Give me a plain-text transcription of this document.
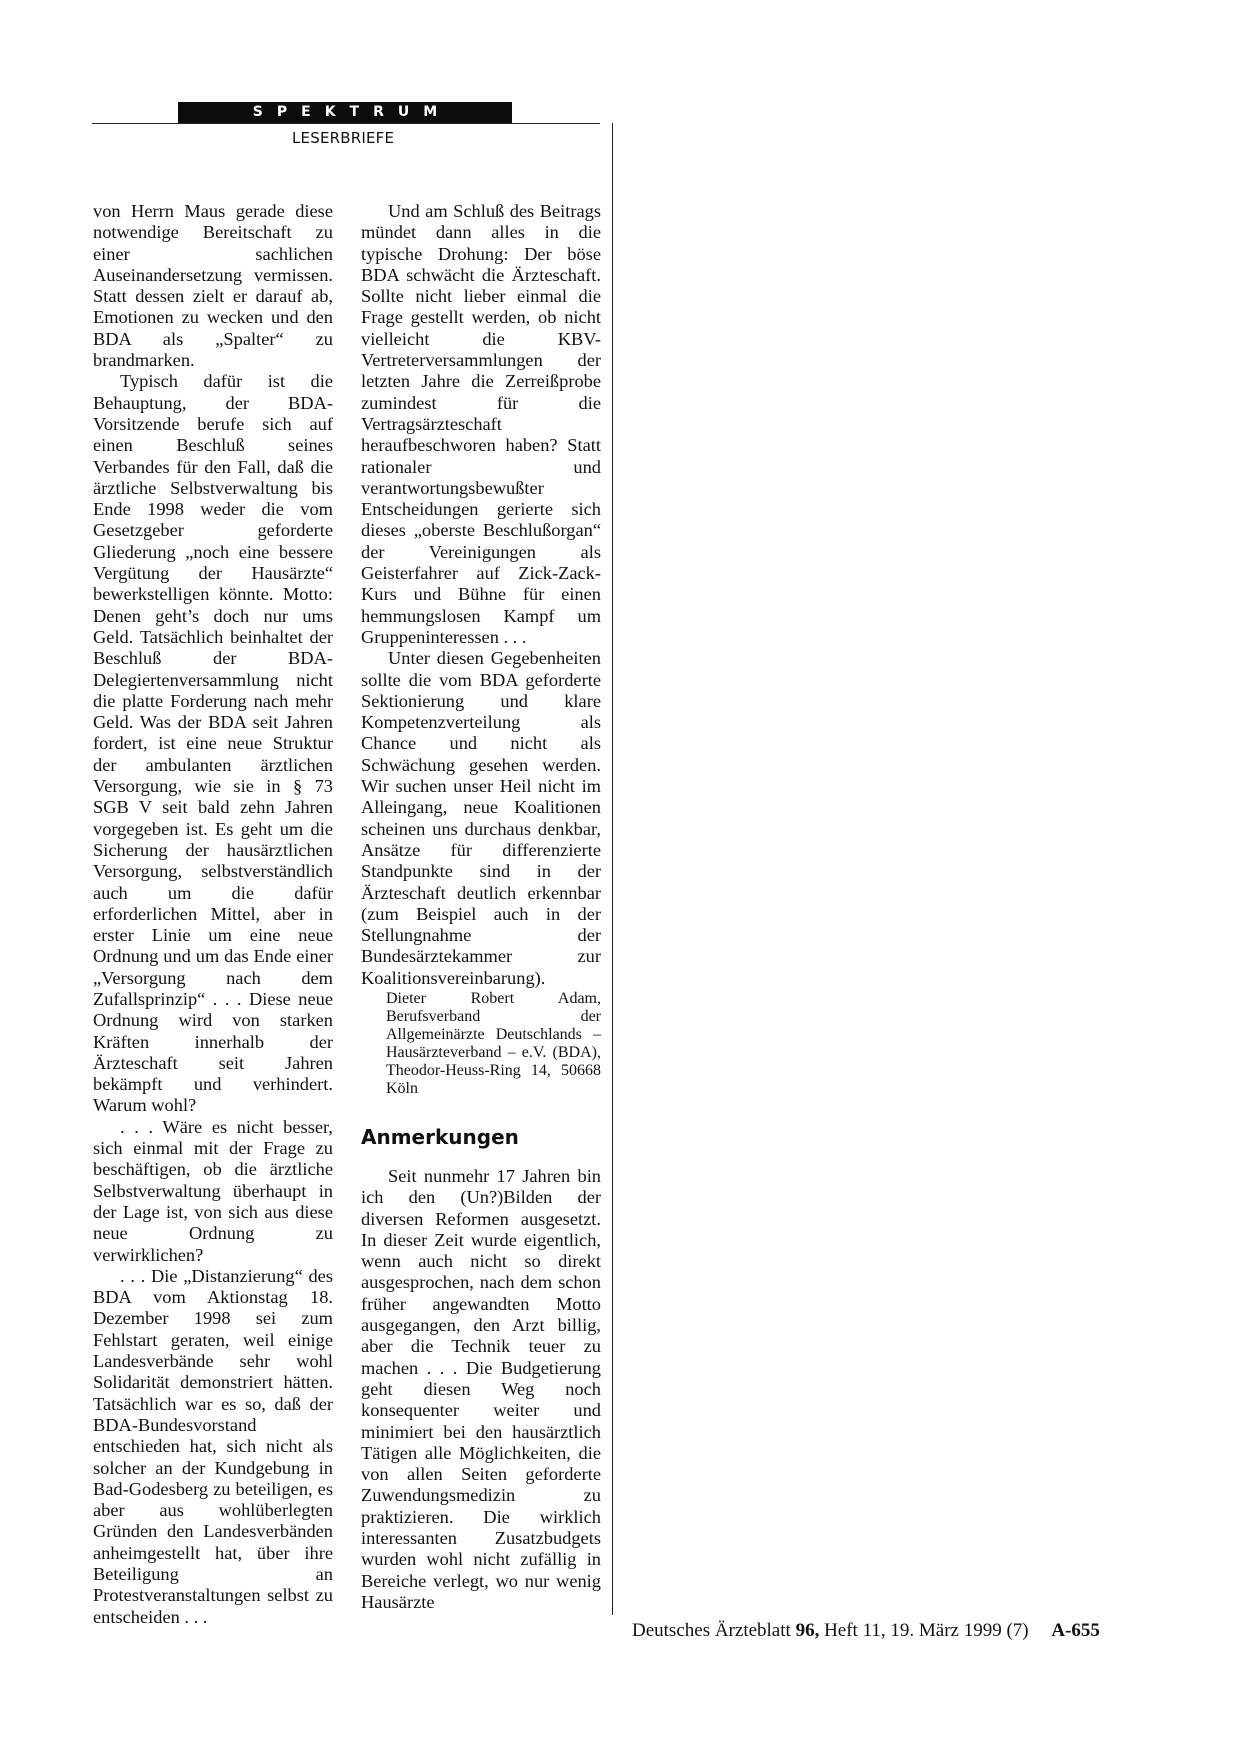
SPEKTRUM
LESERBRIEFE

von Herrn Maus gerade diese notwendige Bereitschaft zu einer sachlichen Auseinandersetzung vermissen. Statt dessen zielt er darauf ab, Emotionen zu wecken und den BDA als „Spalter“ zu brandmarken.

Typisch dafür ist die Behauptung, der BDA-Vorsitzende berufe sich auf einen Beschluß seines Verbandes für den Fall, daß die ärztliche Selbstverwaltung bis Ende 1998 weder die vom Gesetzgeber geforderte Gliederung „noch eine bessere Vergütung der Hausärzte“ bewerkstelligen könnte. Motto: Denen geht’s doch nur ums Geld. Tatsächlich beinhaltet der Beschluß der BDA-Delegiertenversammlung nicht die platte Forderung nach mehr Geld. Was der BDA seit Jahren fordert, ist eine neue Struktur der ambulanten ärztlichen Versorgung, wie sie in § 73 SGB V seit bald zehn Jahren vorgegeben ist. Es geht um die Sicherung der hausärztlichen Versorgung, selbstverständlich auch um die dafür erforderlichen Mittel, aber in erster Linie um eine neue Ordnung und um das Ende einer „Versorgung nach dem Zufallsprinzip“ . . . Diese neue Ordnung wird von starken Kräften innerhalb der Ärzteschaft seit Jahren bekämpft und verhindert. Warum wohl?

. . . Wäre es nicht besser, sich einmal mit der Frage zu beschäftigen, ob die ärztliche Selbstverwaltung überhaupt in der Lage ist, von sich aus diese neue Ordnung zu verwirklichen?

. . . Die „Distanzierung“ des BDA vom Aktionstag 18. Dezember 1998 sei zum Fehlstart geraten, weil einige Landesverbände sehr wohl Solidarität demonstriert hätten. Tatsächlich war es so, daß der BDA-Bundesvorstand entschieden hat, sich nicht als solcher an der Kundgebung in Bad-Godesberg zu beteiligen, es aber aus wohlüberlegten Gründen den Landesverbänden anheimgestellt hat, über ihre Beteiligung an Protestveranstaltungen selbst zu entscheiden . . .

Und am Schluß des Beitrags mündet dann alles in die typische Drohung: Der böse BDA schwächt die Ärzteschaft. Sollte nicht lieber einmal die Frage gestellt werden, ob nicht vielleicht die KBV-Vertreterversammlungen der letzten Jahre die Zerreißprobe zumindest für die Vertragsärzteschaft heraufbeschworen haben? Statt rationaler und verantwortungsbewußter Entscheidungen gerierte sich dieses „oberste Beschlußorgan“ der Vereinigungen als Geisterfahrer auf Zick-Zack-Kurs und Bühne für einen hemmungslosen Kampf um Gruppeninteressen . . .

Unter diesen Gegebenheiten sollte die vom BDA geforderte Sektionierung und klare Kompetenzverteilung als Chance und nicht als Schwächung gesehen werden. Wir suchen unser Heil nicht im Alleingang, neue Koalitionen scheinen uns durchaus denkbar, Ansätze für differenzierte Standpunkte sind in der Ärzteschaft deutlich erkennbar (zum Beispiel auch in der Stellungnahme der Bundesärztekammer zur Koalitionsvereinbarung).

Dieter Robert Adam, Berufsverband der Allgemeinärzte Deutschlands – Hausärzteverband – e.V. (BDA), Theodor-Heuss-Ring 14, 50668 Köln
Anmerkungen

Seit nunmehr 17 Jahren bin ich den (Un?)Bilden der diversen Reformen ausgesetzt. In dieser Zeit wurde eigentlich, wenn auch nicht so direkt ausgesprochen, nach dem schon früher angewandten Motto ausgegangen, den Arzt billig, aber die Technik teuer zu machen . . . Die Budgetierung geht diesen Weg noch konsequenter weiter und minimiert bei den hausärztlich Tätigen alle Möglichkeiten, die von allen Seiten geforderte Zuwendungsmedizin zu praktizieren. Die wirklich interessanten Zusatzbudgets wurden wohl nicht zufällig in Bereiche verlegt, wo nur wenig Hausärzte

Deutsches Ärzteblatt 96, Heft 11, 19. März 1999 (7) A-655
